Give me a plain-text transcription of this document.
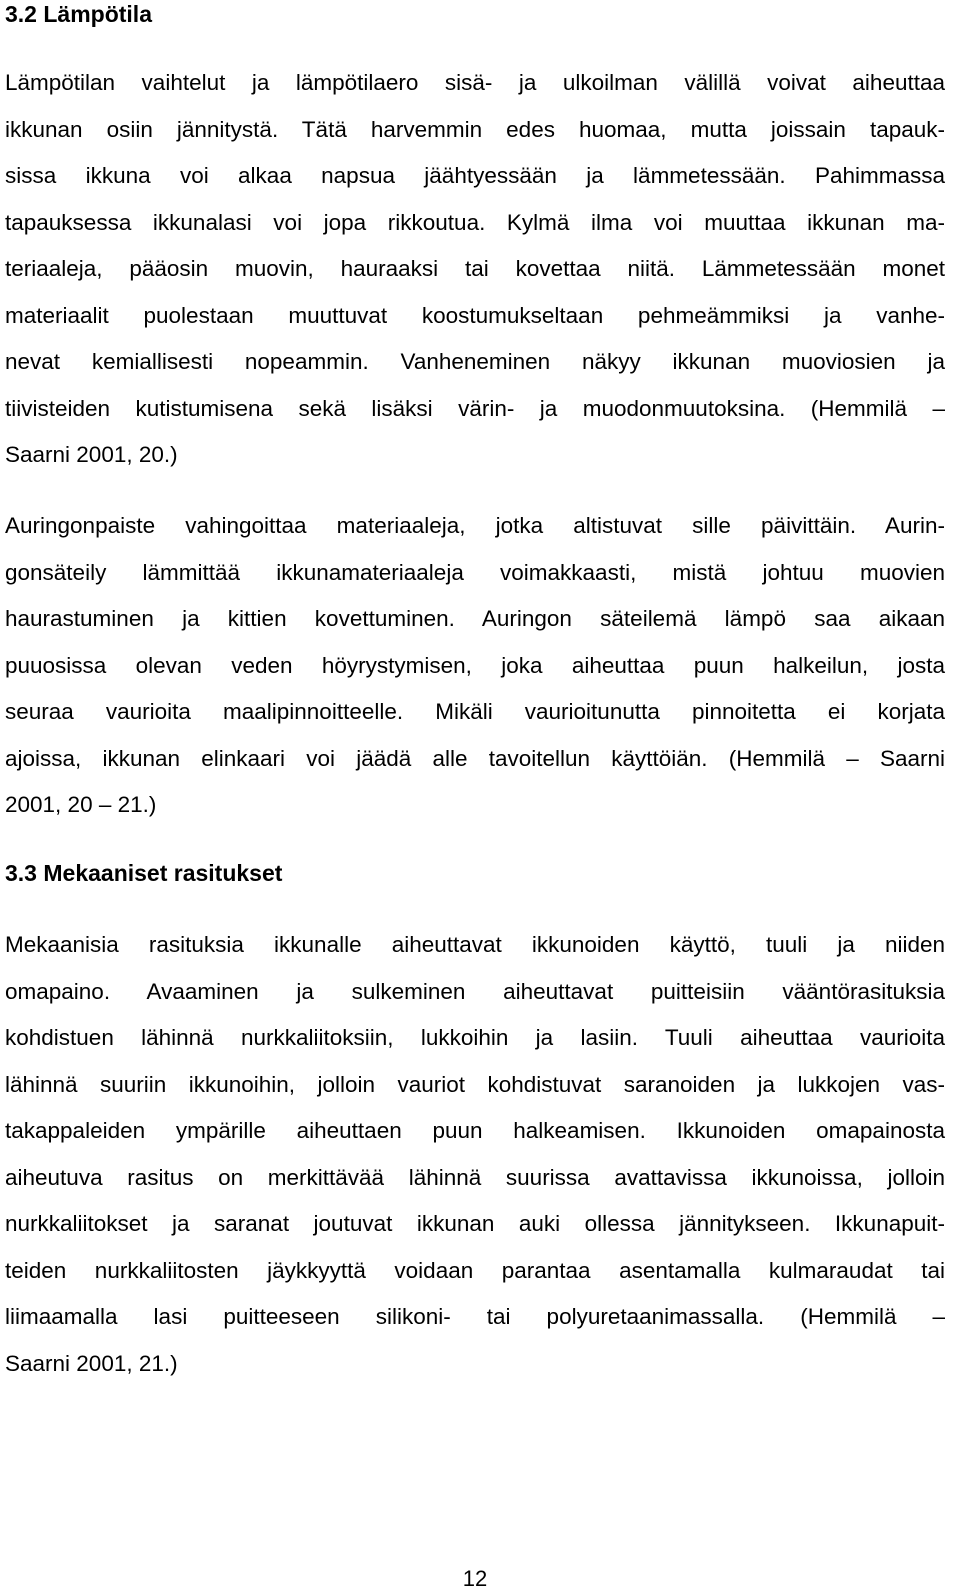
3.2 Lämpötila
Lämpötilan vaihtelut ja lämpötilaero sisä- ja ulkoilman välillä voivat aiheuttaa
ikkunan osiin jännitystä. Tätä harvemmin edes huomaa, mutta joissain tapauk-
sissa ikkuna voi alkaa napsua jäähtyessään ja lämmetessään. Pahimmassa
tapauksessa ikkunalasi voi jopa rikkoutua. Kylmä ilma voi muuttaa ikkunan ma-
teriaaleja, pääosin muovin, hauraaksi tai kovettaa niitä. Lämmetessään monet
materiaalit puolestaan muuttuvat koostumukseltaan pehmeämmiksi ja vanhe-
nevat kemiallisesti nopeammin. Vanheneminen näkyy ikkunan muoviosien ja
tiivisteiden kutistumisena sekä lisäksi värin- ja muodonmuutoksina. (Hemmilä –
Saarni 2001, 20.)
Auringonpaiste vahingoittaa materiaaleja, jotka altistuvat sille päivittäin. Aurin-
gonsäteily lämmittää ikkunamateriaaleja voimakkaasti, mistä johtuu muovien
haurastuminen ja kittien kovettuminen. Auringon säteilemä lämpö saa aikaan
puuosissa olevan veden höyrystymisen, joka aiheuttaa puun halkeilun, josta
seuraa vaurioita maalipinnoitteelle. Mikäli vaurioitunutta pinnoitetta ei korjata
ajoissa, ikkunan elinkaari voi jäädä alle tavoitellun käyttöiän. (Hemmilä – Saarni
2001, 20 – 21.)
3.3 Mekaaniset rasitukset
Mekaanisia rasituksia ikkunalle aiheuttavat ikkunoiden käyttö, tuuli ja niiden
omapaino. Avaaminen ja sulkeminen aiheuttavat puitteisiin vääntörasituksia
kohdistuen lähinnä nurkkaliitoksiin, lukkoihin ja lasiin. Tuuli aiheuttaa vaurioita
lähinnä suuriin ikkunoihin, jolloin vauriot kohdistuvat saranoiden ja lukkojen vas-
takappaleiden ympärille aiheuttaen puun halkeamisen. Ikkunoiden omapainosta
aiheutuva rasitus on merkittävää lähinnä suurissa avattavissa ikkunoissa, jolloin
nurkkaliitokset ja saranat joutuvat ikkunan auki ollessa jännitykseen. Ikkunapuit-
teiden nurkkaliitosten jäykkyyttä voidaan parantaa asentamalla kulmaraudat tai
liimaamalla lasi puitteeseen silikoni- tai polyuretaanimassalla. (Hemmilä –
Saarni 2001, 21.)
12
